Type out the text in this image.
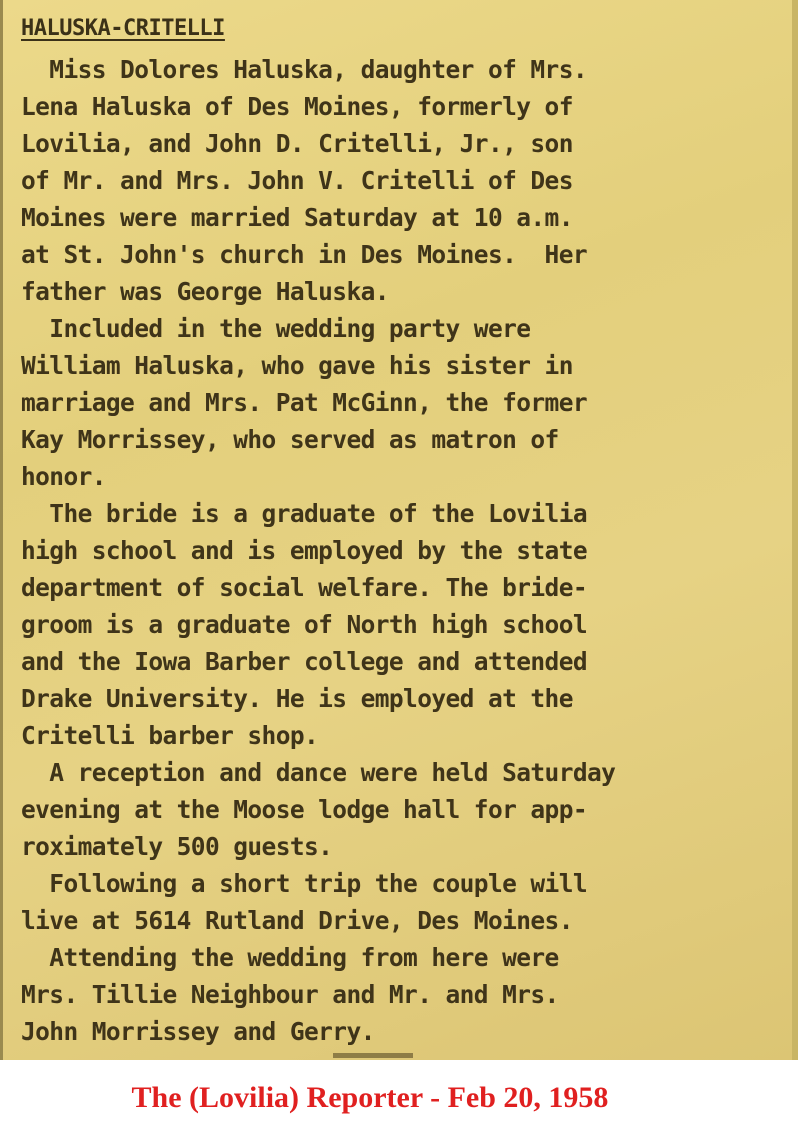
HALUSKA-CRITELLI
Miss Dolores Haluska, daughter of Mrs.
Lena Haluska of Des Moines, formerly of
Lovilia, and John D. Critelli, Jr., son
of Mr. and Mrs. John V. Critelli of Des
Moines were married Saturday at 10 a.m.
at St. John's church in Des Moines.  Her
father was George Haluska.
Included in the wedding party were
William Haluska, who gave his sister in
marriage and Mrs. Pat McGinn, the former
Kay Morrissey, who served as matron of
honor.
The bride is a graduate of the Lovilia
high school and is employed by the state
department of social welfare. The bride-
groom is a graduate of North high school
and the Iowa Barber college and attended
Drake University. He is employed at the
Critelli barber shop.
A reception and dance were held Saturday
evening at the Moose lodge hall for app-
roximately 500 guests.
Following a short trip the couple will
live at 5614 Rutland Drive, Des Moines.
Attending the wedding from here were
Mrs. Tillie Neighbour and Mr. and Mrs.
John Morrissey and Gerry.

The (Lovilia) Reporter - Feb 20, 1958
